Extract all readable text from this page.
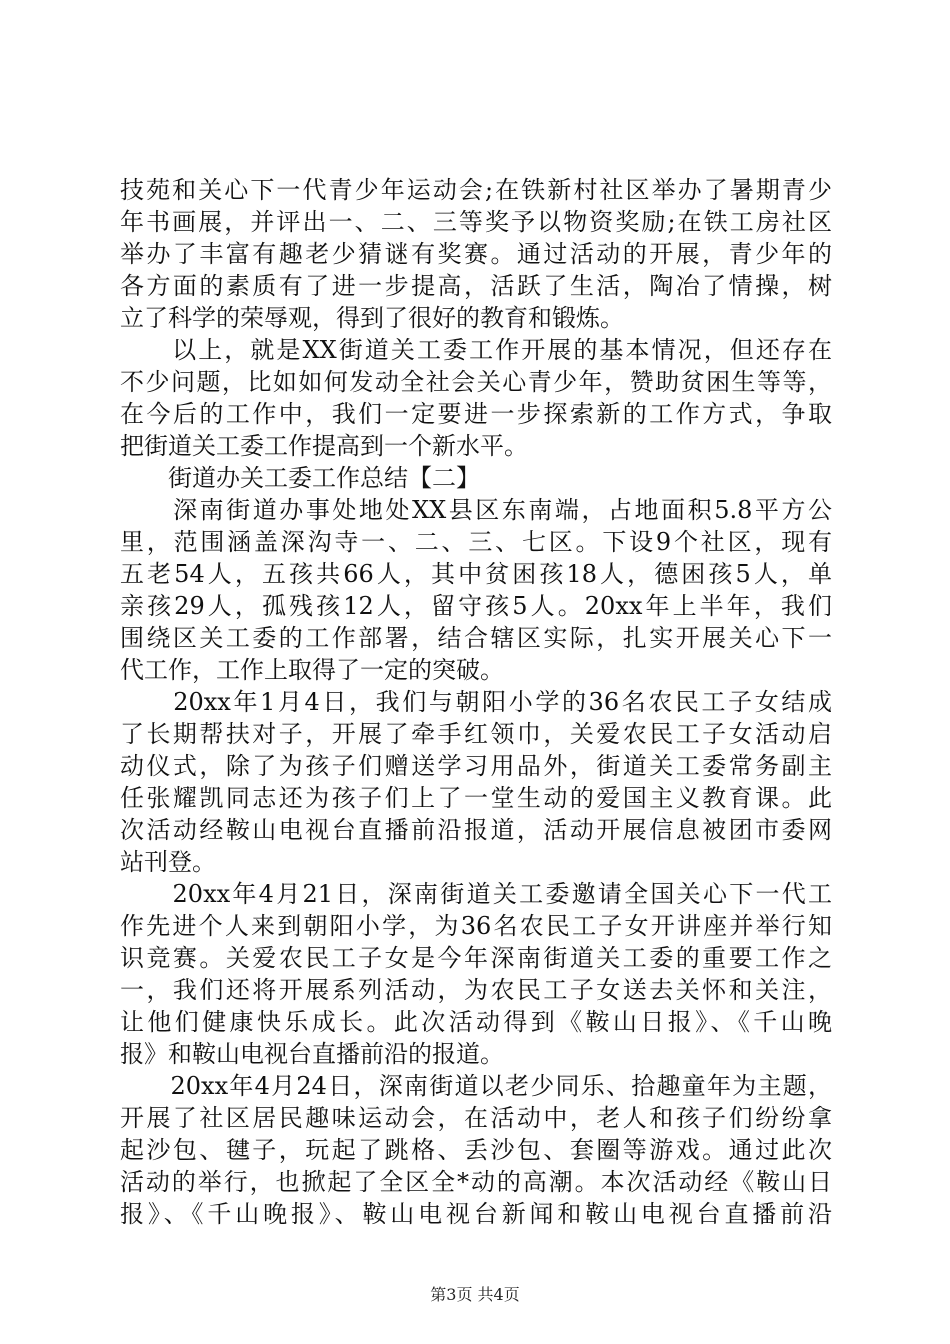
技苑和关心下一代青少年运动会;在铁新村社区举办了暑期青少
年书画展，并评出一、二、三等奖予以物资奖励;在铁工房社区
举办了丰富有趣老少猜谜有奖赛。通过活动的开展，青少年的
各方面的素质有了进一步提高，活跃了生活，陶冶了情操，树
立了科学的荣辱观，得到了很好的教育和锻炼。
　　以上，就是XX街道关工委工作开展的基本情况，但还存在
不少问题，比如如何发动全社会关心青少年，赞助贫困生等等，
在今后的工作中，我们一定要进一步探索新的工作方式，争取
把街道关工委工作提高到一个新水平。
　　街道办关工委工作总结【二】
　　深南街道办事处地处XX县区东南端，占地面积5.8平方公
里，范围涵盖深沟寺一、二、三、七区。下设9个社区，现有
五老54人，五孩共66人，其中贫困孩18人，德困孩5人，单
亲孩29人，孤残孩12人，留守孩5人。20xx年上半年，我们
围绕区关工委的工作部署，结合辖区实际，扎实开展关心下一
代工作，工作上取得了一定的突破。
　　20xx年1月4日，我们与朝阳小学的36名农民工子女结成
了长期帮扶对子，开展了牵手红领巾，关爱农民工子女活动启
动仪式，除了为孩子们赠送学习用品外，街道关工委常务副主
任张耀凯同志还为孩子们上了一堂生动的爱国主义教育课。此
次活动经鞍山电视台直播前沿报道，活动开展信息被团市委网
站刊登。
　　20xx年4月21日，深南街道关工委邀请全国关心下一代工
作先进个人来到朝阳小学，为36名农民工子女开讲座并举行知
识竞赛。关爱农民工子女是今年深南街道关工委的重要工作之
一，我们还将开展系列活动，为农民工子女送去关怀和关注，
让他们健康快乐成长。此次活动得到《鞍山日报》、《千山晚
报》和鞍山电视台直播前沿的报道。
　　20xx年4月24日，深南街道以老少同乐、拾趣童年为主题，
开展了社区居民趣味运动会，在活动中，老人和孩子们纷纷拿
起沙包、毽子，玩起了跳格、丢沙包、套圈等游戏。通过此次
活动的举行，也掀起了全区全*动的高潮。本次活动经《鞍山日
报》、《千山晚报》、鞍山电视台新闻和鞍山电视台直播前沿
第3页 共4页
